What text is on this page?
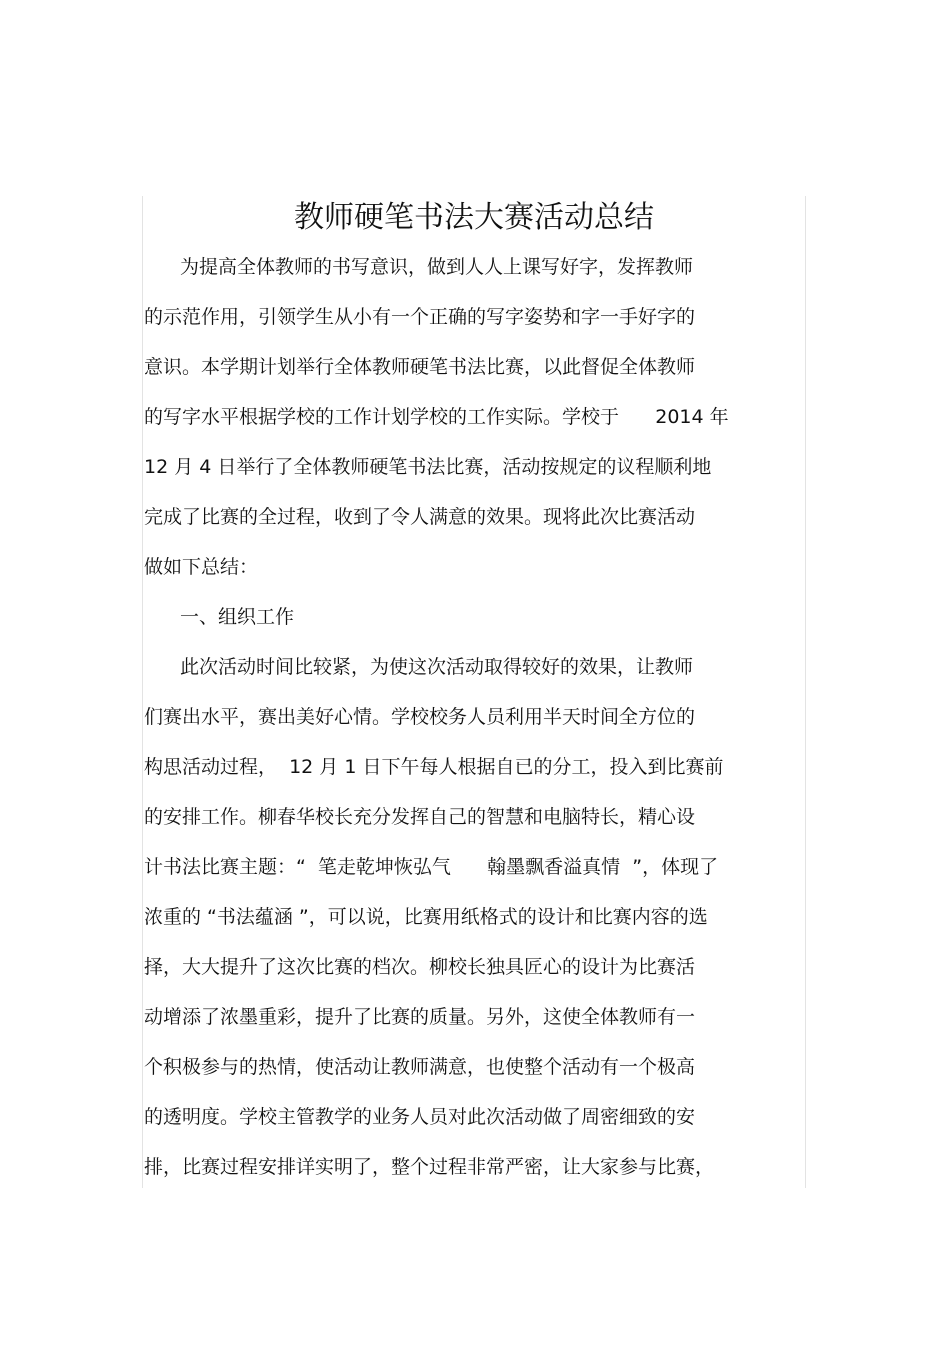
教师硬笔书法大赛活动总结
为提高全体教师的书写意识，做到人人上课写好字，发挥教师
的示范作用，引领学生从小有一个正确的写字姿势和字一手好字的
意识。本学期计划举行全体教师硬笔书法比赛，以此督促全体教师
的写字水平根据学校的工作计划学校的工作实际。学校于      2014 年
12 月 4 日举行了全体教师硬笔书法比赛，活动按规定的议程顺利地
完成了比赛的全过程，收到了令人满意的效果。现将此次比赛活动
做如下总结：
一、组织工作
此次活动时间比较紧，为使这次活动取得较好的效果，让教师
们赛出水平，赛出美好心情。学校校务人员利用半天时间全方位的
构思活动过程，  12 月 1 日下午每人根据自已的分工，投入到比赛前
的安排工作。柳春华校长充分发挥自己的智慧和电脑特长，精心设
计书法比赛主题：“  笔走乾坤恢弘气      翰墨飘香溢真情  ”，体现了
浓重的 “书法蕴涵 ”，可以说，比赛用纸格式的设计和比赛内容的选
择，大大提升了这次比赛的档次。柳校长独具匠心的设计为比赛活
动增添了浓墨重彩，提升了比赛的质量。另外，这使全体教师有一
个积极参与的热情，使活动让教师满意，也使整个活动有一个极高
的透明度。学校主管教学的业务人员对此次活动做了周密细致的安
排，比赛过程安排详实明了，整个过程非常严密，让大家参与比赛，
